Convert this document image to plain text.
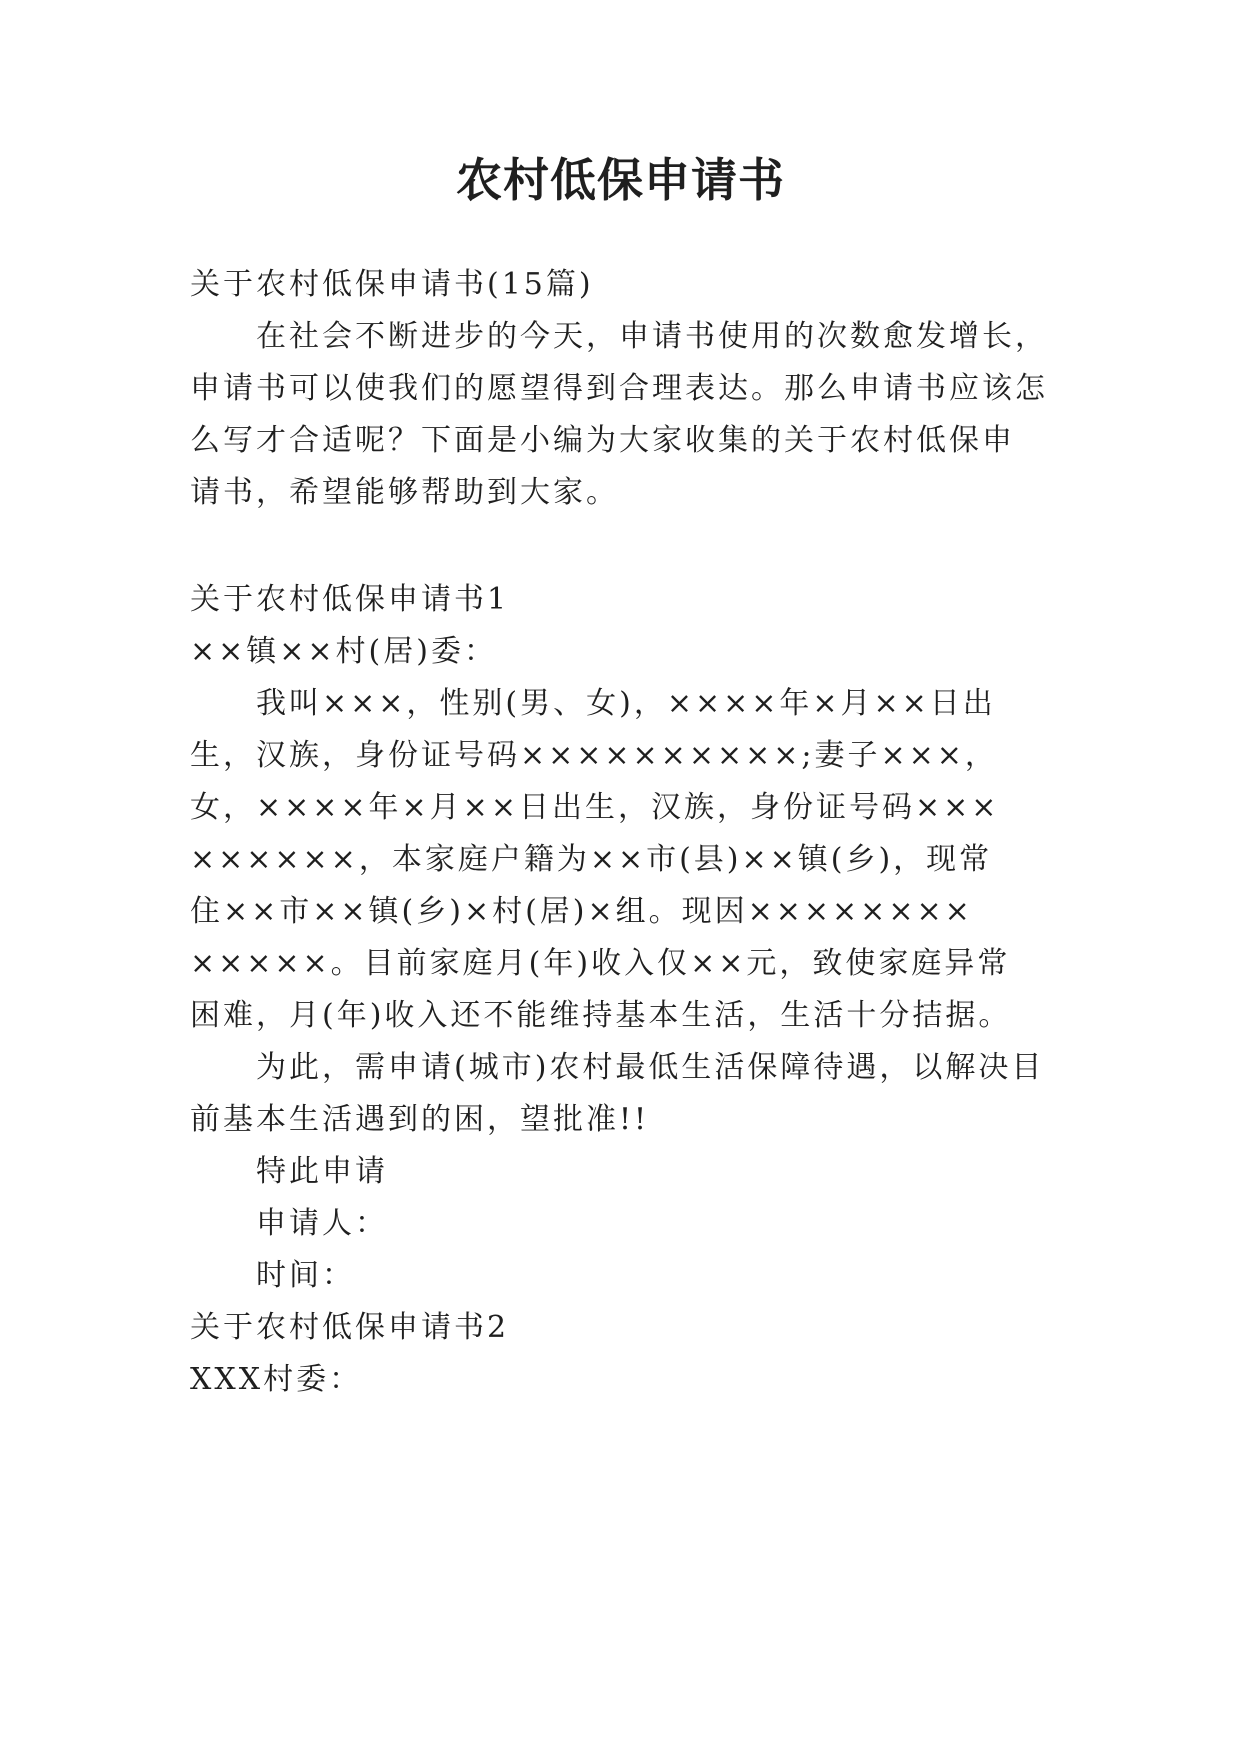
农村低保申请书
关于农村低保申请书(15篇)
在社会不断进步的今天，申请书使用的次数愈发增长，
申请书可以使我们的愿望得到合理表达。那么申请书应该怎
么写才合适呢？下面是小编为大家收集的关于农村低保申
请书，希望能够帮助到大家。
关于农村低保申请书1
××镇××村(居)委：
我叫×××，性别(男、女)，××××年×月××日出
生，汉族，身份证号码××××××××××;妻子×××，
女，××××年×月××日出生，汉族，身份证号码×××
××××××，本家庭户籍为××市(县)××镇(乡)，现常
住××市××镇(乡)×村(居)×组。现因××××××××
×××××。目前家庭月(年)收入仅××元，致使家庭异常
困难，月(年)收入还不能维持基本生活，生活十分拮据。
为此，需申请(城市)农村最低生活保障待遇，以解决目
前基本生活遇到的困，望批准!!
特此申请
申请人：
时间：
关于农村低保申请书2
XXX村委：
